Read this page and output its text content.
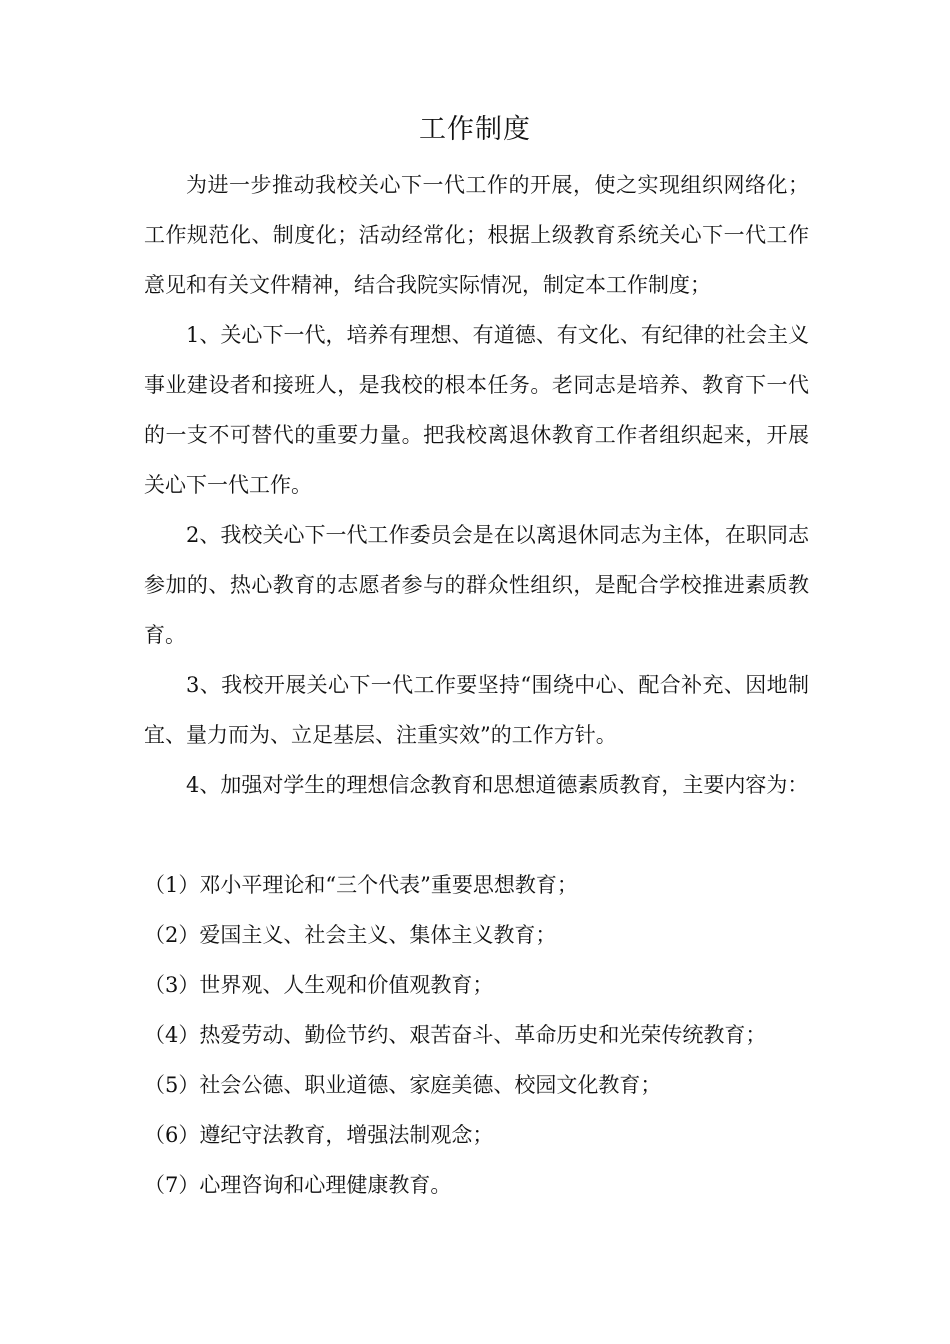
工作制度
为进一步推动我校关心下一代工作的开展，使之实现组织网络化；工作规范化、制度化；活动经常化；根据上级教育系统关心下一代工作意见和有关文件精神，结合我院实际情况，制定本工作制度；
1、关心下一代，培养有理想、有道德、有文化、有纪律的社会主义事业建设者和接班人，是我校的根本任务。老同志是培养、教育下一代的一支不可替代的重要力量。把我校离退休教育工作者组织起来，开展关心下一代工作。
2、我校关心下一代工作委员会是在以离退休同志为主体，在职同志参加的、热心教育的志愿者参与的群众性组织，是配合学校推进素质教育。
3、我校开展关心下一代工作要坚持“围绕中心、配合补充、因地制宜、量力而为、立足基层、注重实效”的工作方针。
4、加强对学生的理想信念教育和思想道德素质教育，主要内容为：
（1）邓小平理论和“三个代表”重要思想教育；
（2）爱国主义、社会主义、集体主义教育；
（3）世界观、人生观和价值观教育；
（4）热爱劳动、勤俭节约、艰苦奋斗、革命历史和光荣传统教育；
（5）社会公德、职业道德、家庭美德、校园文化教育；
（6）遵纪守法教育，增强法制观念；
（7）心理咨询和心理健康教育。
